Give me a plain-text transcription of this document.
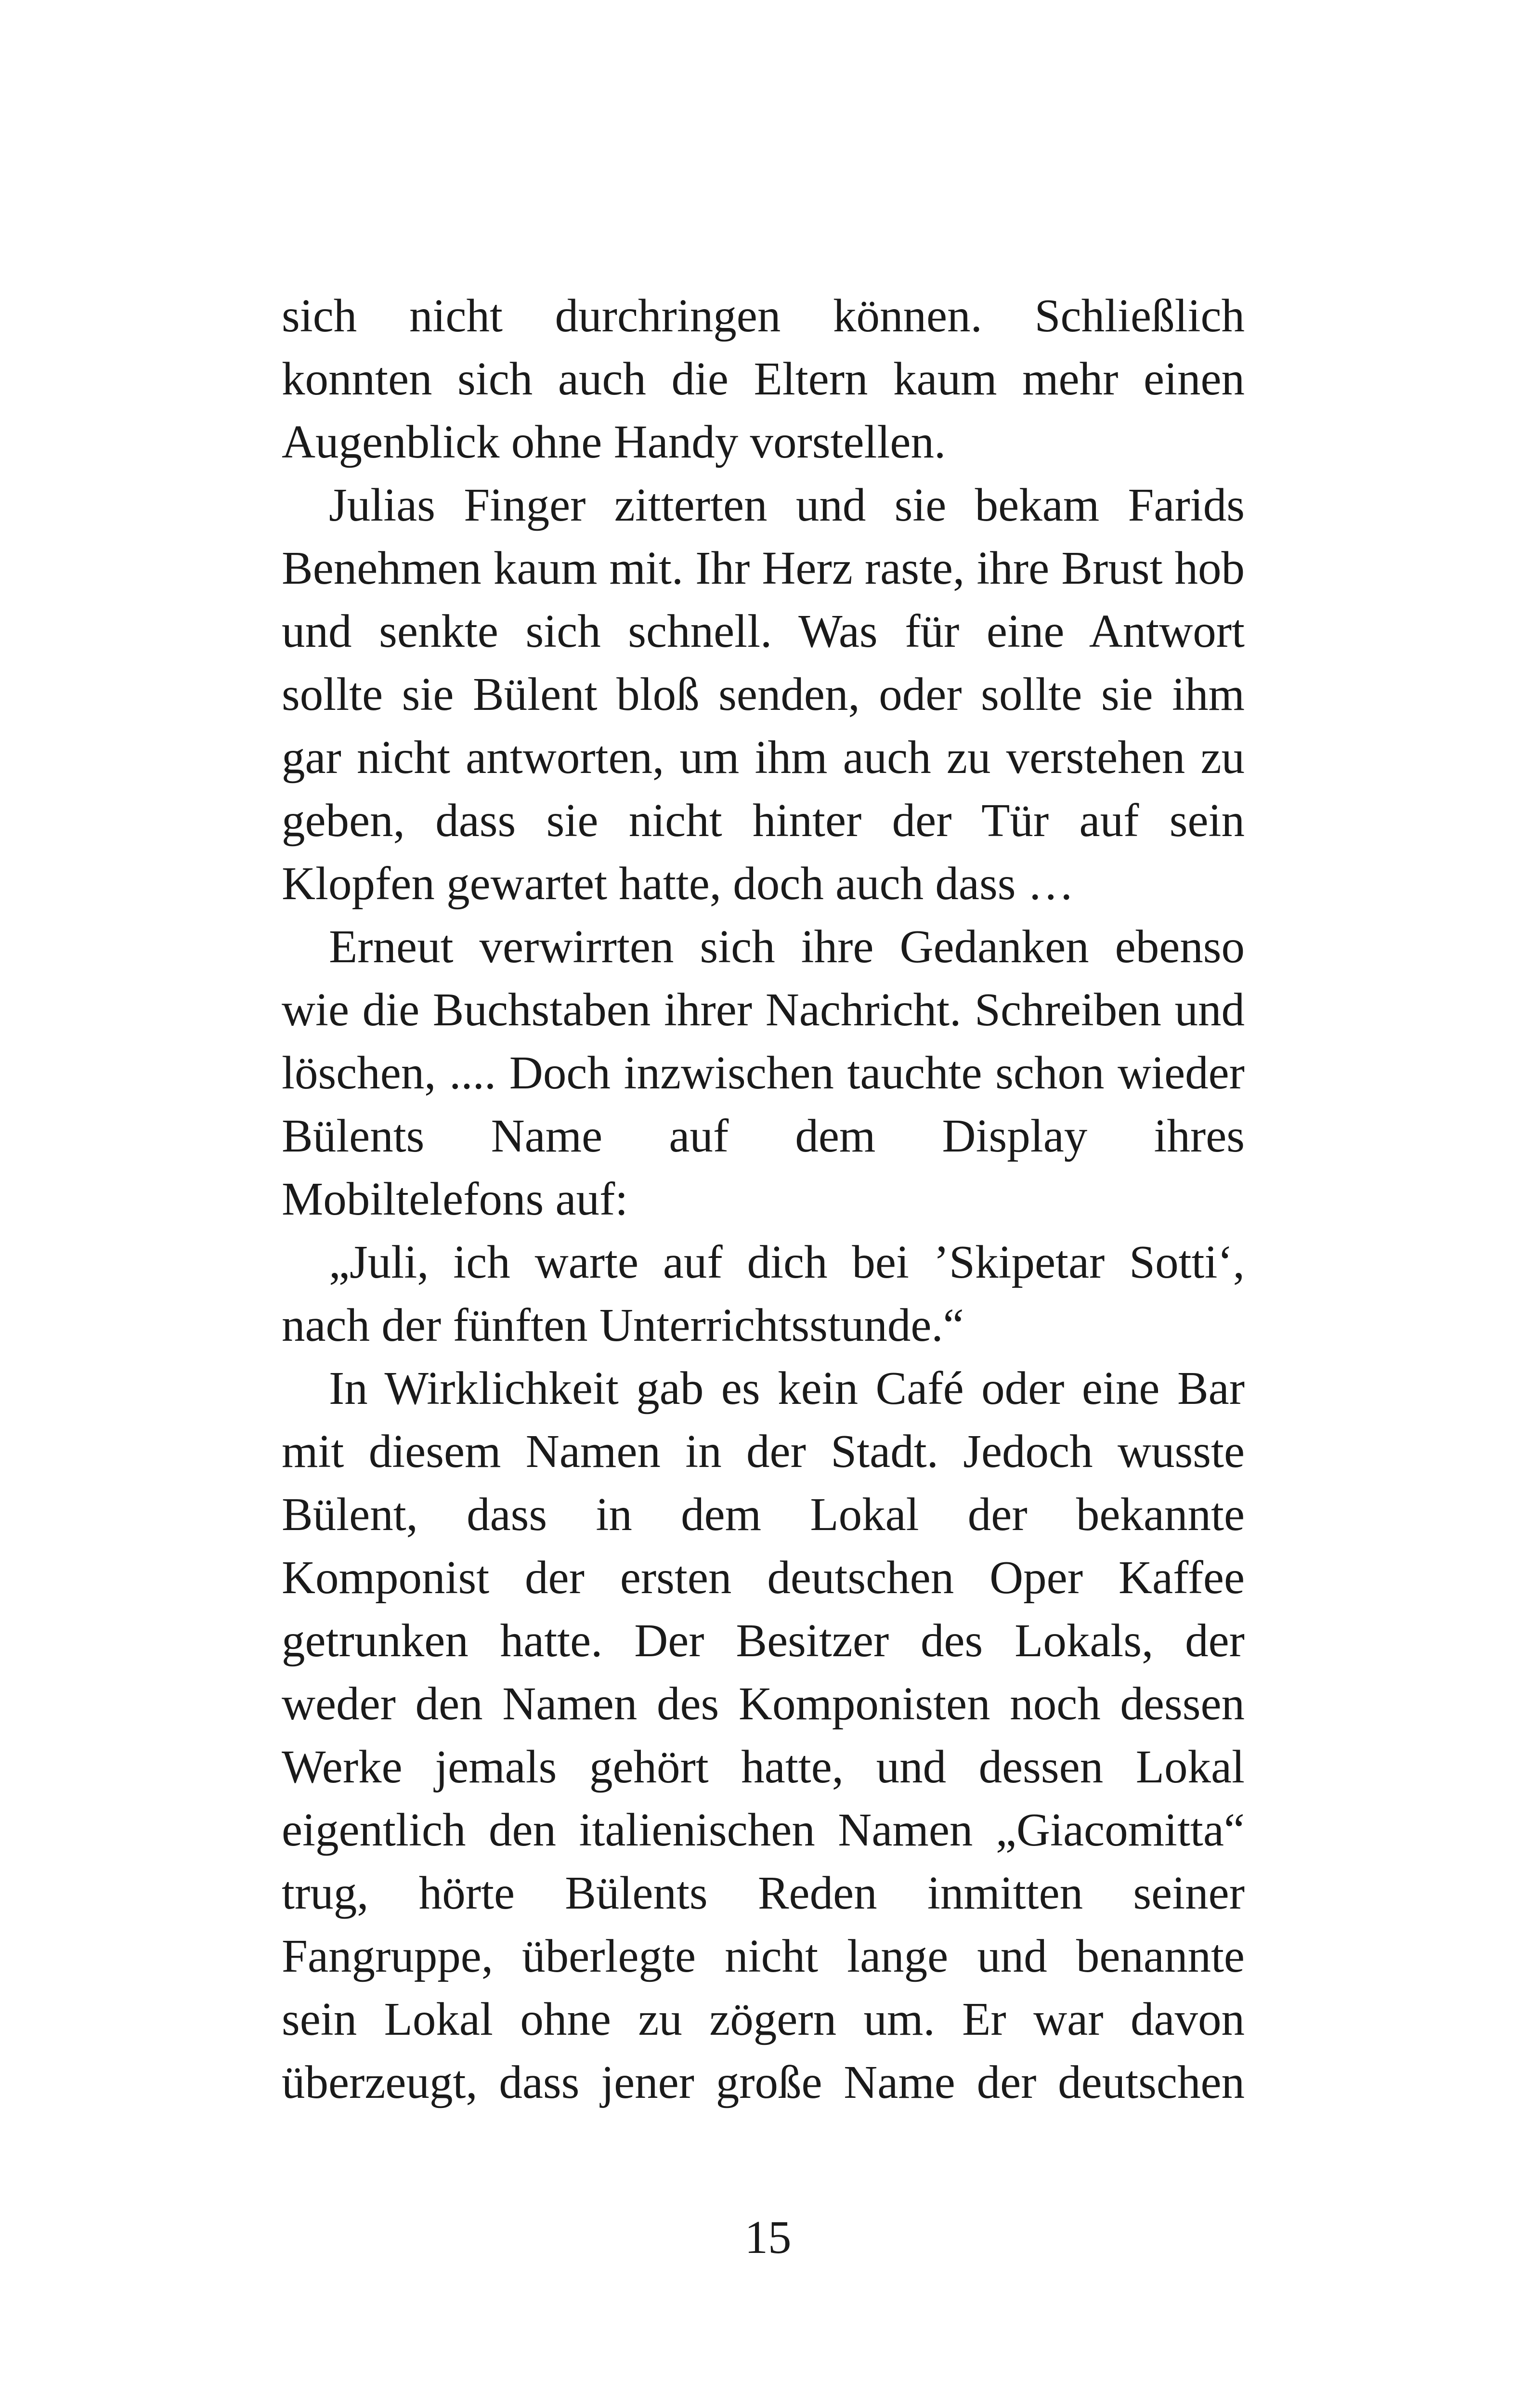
sich nicht durchringen können. Schließlich
konnten sich auch die Eltern kaum mehr einen
Augenblick ohne Handy vorstellen.
Julias Finger zitterten und sie bekam Farids
Benehmen kaum mit. Ihr Herz raste, ihre Brust hob
und senkte sich schnell. Was für eine Antwort
sollte sie Bülent bloß senden, oder sollte sie ihm
gar nicht antworten, um ihm auch zu verstehen zu
geben, dass sie nicht hinter der Tür auf sein
Klopfen gewartet hatte, doch auch dass …
Erneut verwirrten sich ihre Gedanken ebenso
wie die Buchstaben ihrer Nachricht. Schreiben und
löschen, .... Doch inzwischen tauchte schon wieder
Bülents Name auf dem Display ihres
Mobiltelefons auf:
„Juli, ich warte auf dich bei ’Skipetar Sotti‘,
nach der fünften Unterrichtsstunde.“
In Wirklichkeit gab es kein Café oder eine Bar
mit diesem Namen in der Stadt. Jedoch wusste
Bülent, dass in dem Lokal der bekannte
Komponist der ersten deutschen Oper Kaffee
getrunken hatte. Der Besitzer des Lokals, der
weder den Namen des Komponisten noch dessen
Werke jemals gehört hatte, und dessen Lokal
eigentlich den italienischen Namen „Giacomitta“
trug, hörte Bülents Reden inmitten seiner
Fangruppe, überlegte nicht lange und benannte
sein Lokal ohne zu zögern um. Er war davon
überzeugt, dass jener große Name der deutschen
15
